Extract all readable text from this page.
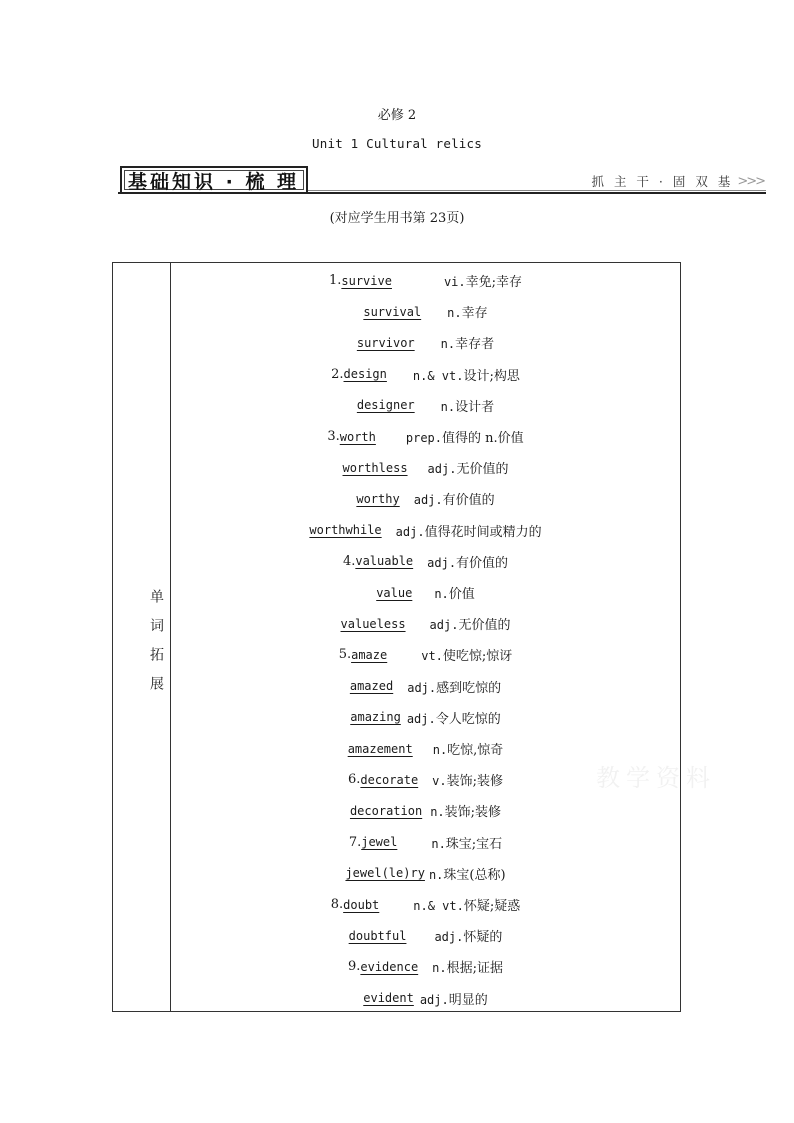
必修 2
Unit 1 Cultural relics
基础知识 · 梳 理	抓 主 干 · 固 双 基 >>>
(对应学生用书第 23页)
教学资料
单词拓展
1. survive	vi.幸免;幸存
survival n.幸存
survivor n.幸存者
2. design n.& vt.设计;构思
designer n.设计者
3. worth	prep.值得的 n.价值
worthless adj.无价值的
worthy adj.有价值的
worthwhile adj.值得花时间或精力的
4. valuable adj.有价值的
value n.价值
valueless adj.无价值的
5. amaze	vt.使吃惊;惊讶
amazed adj.感到吃惊的
amazing adj.令人吃惊的
amazement n.吃惊,惊奇
6. decorate v.装饰;装修
decoration n.装饰;装修
7. jewel	n.珠宝;宝石
jewel(le)ry n.珠宝(总称)
8. doubt	n.& vt.怀疑;疑惑
doubtful adj.怀疑的
9. evidence n.根据;证据
evident adj.明显的
